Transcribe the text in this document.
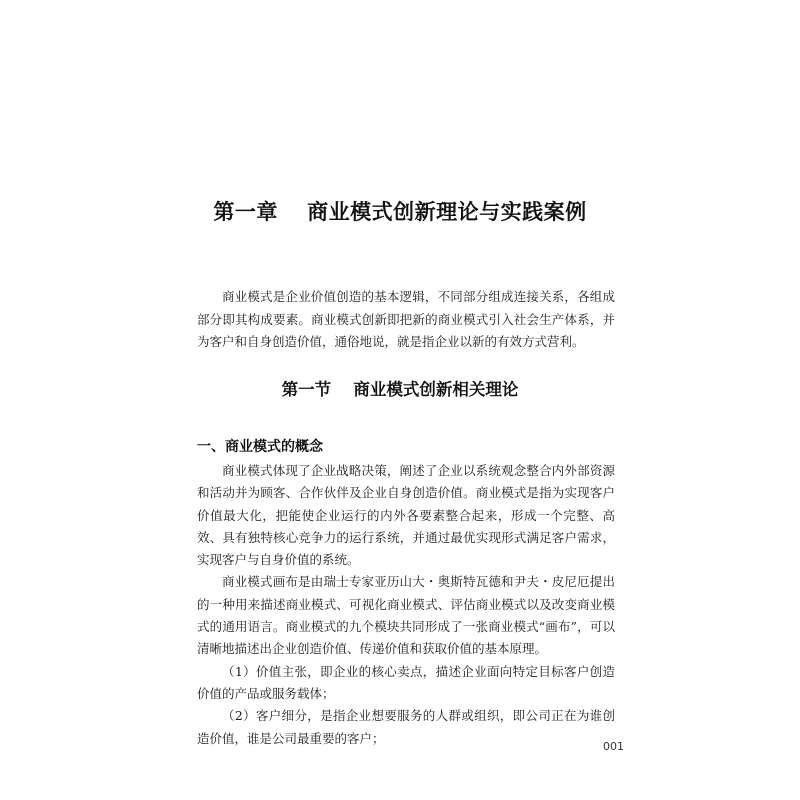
第一章　 商业模式创新理论与实践案例

商业模式是企业价值创造的基本逻辑，不同部分组成连接关系，各组成部分即其构成要素。商业模式创新即把新的商业模式引入社会生产体系，并为客户和自身创造价值，通俗地说，就是指企业以新的有效方式营利。

第一节　 商业模式创新相关理论
一、商业模式的概念

商业模式体现了企业战略决策，阐述了企业以系统观念整合内外部资源和活动并为顾客、合作伙伴及企业自身创造价值。商业模式是指为实现客户价值最大化，把能使企业运行的内外各要素整合起来，形成一个完整、高效、具有独特核心竞争力的运行系统，并通过最优实现形式满足客户需求，实现客户与自身价值的系统。

商业模式画布是由瑞士专家亚历山大・奥斯特瓦德和尹夫・皮尼厄提出的一种用来描述商业模式、可视化商业模式、评估商业模式以及改变商业模式的通用语言。商业模式的九个模块共同形成了一张商业模式“画布”，可以清晰地描述出企业创造价值、传递价值和获取价值的基本原理。

（1）价值主张，即企业的核心卖点，描述企业面向特定目标客户创造价值的产品或服务载体；

（2）客户细分，是指企业想要服务的人群或组织，即公司正在为谁创造价值，谁是公司最重要的客户；

001
